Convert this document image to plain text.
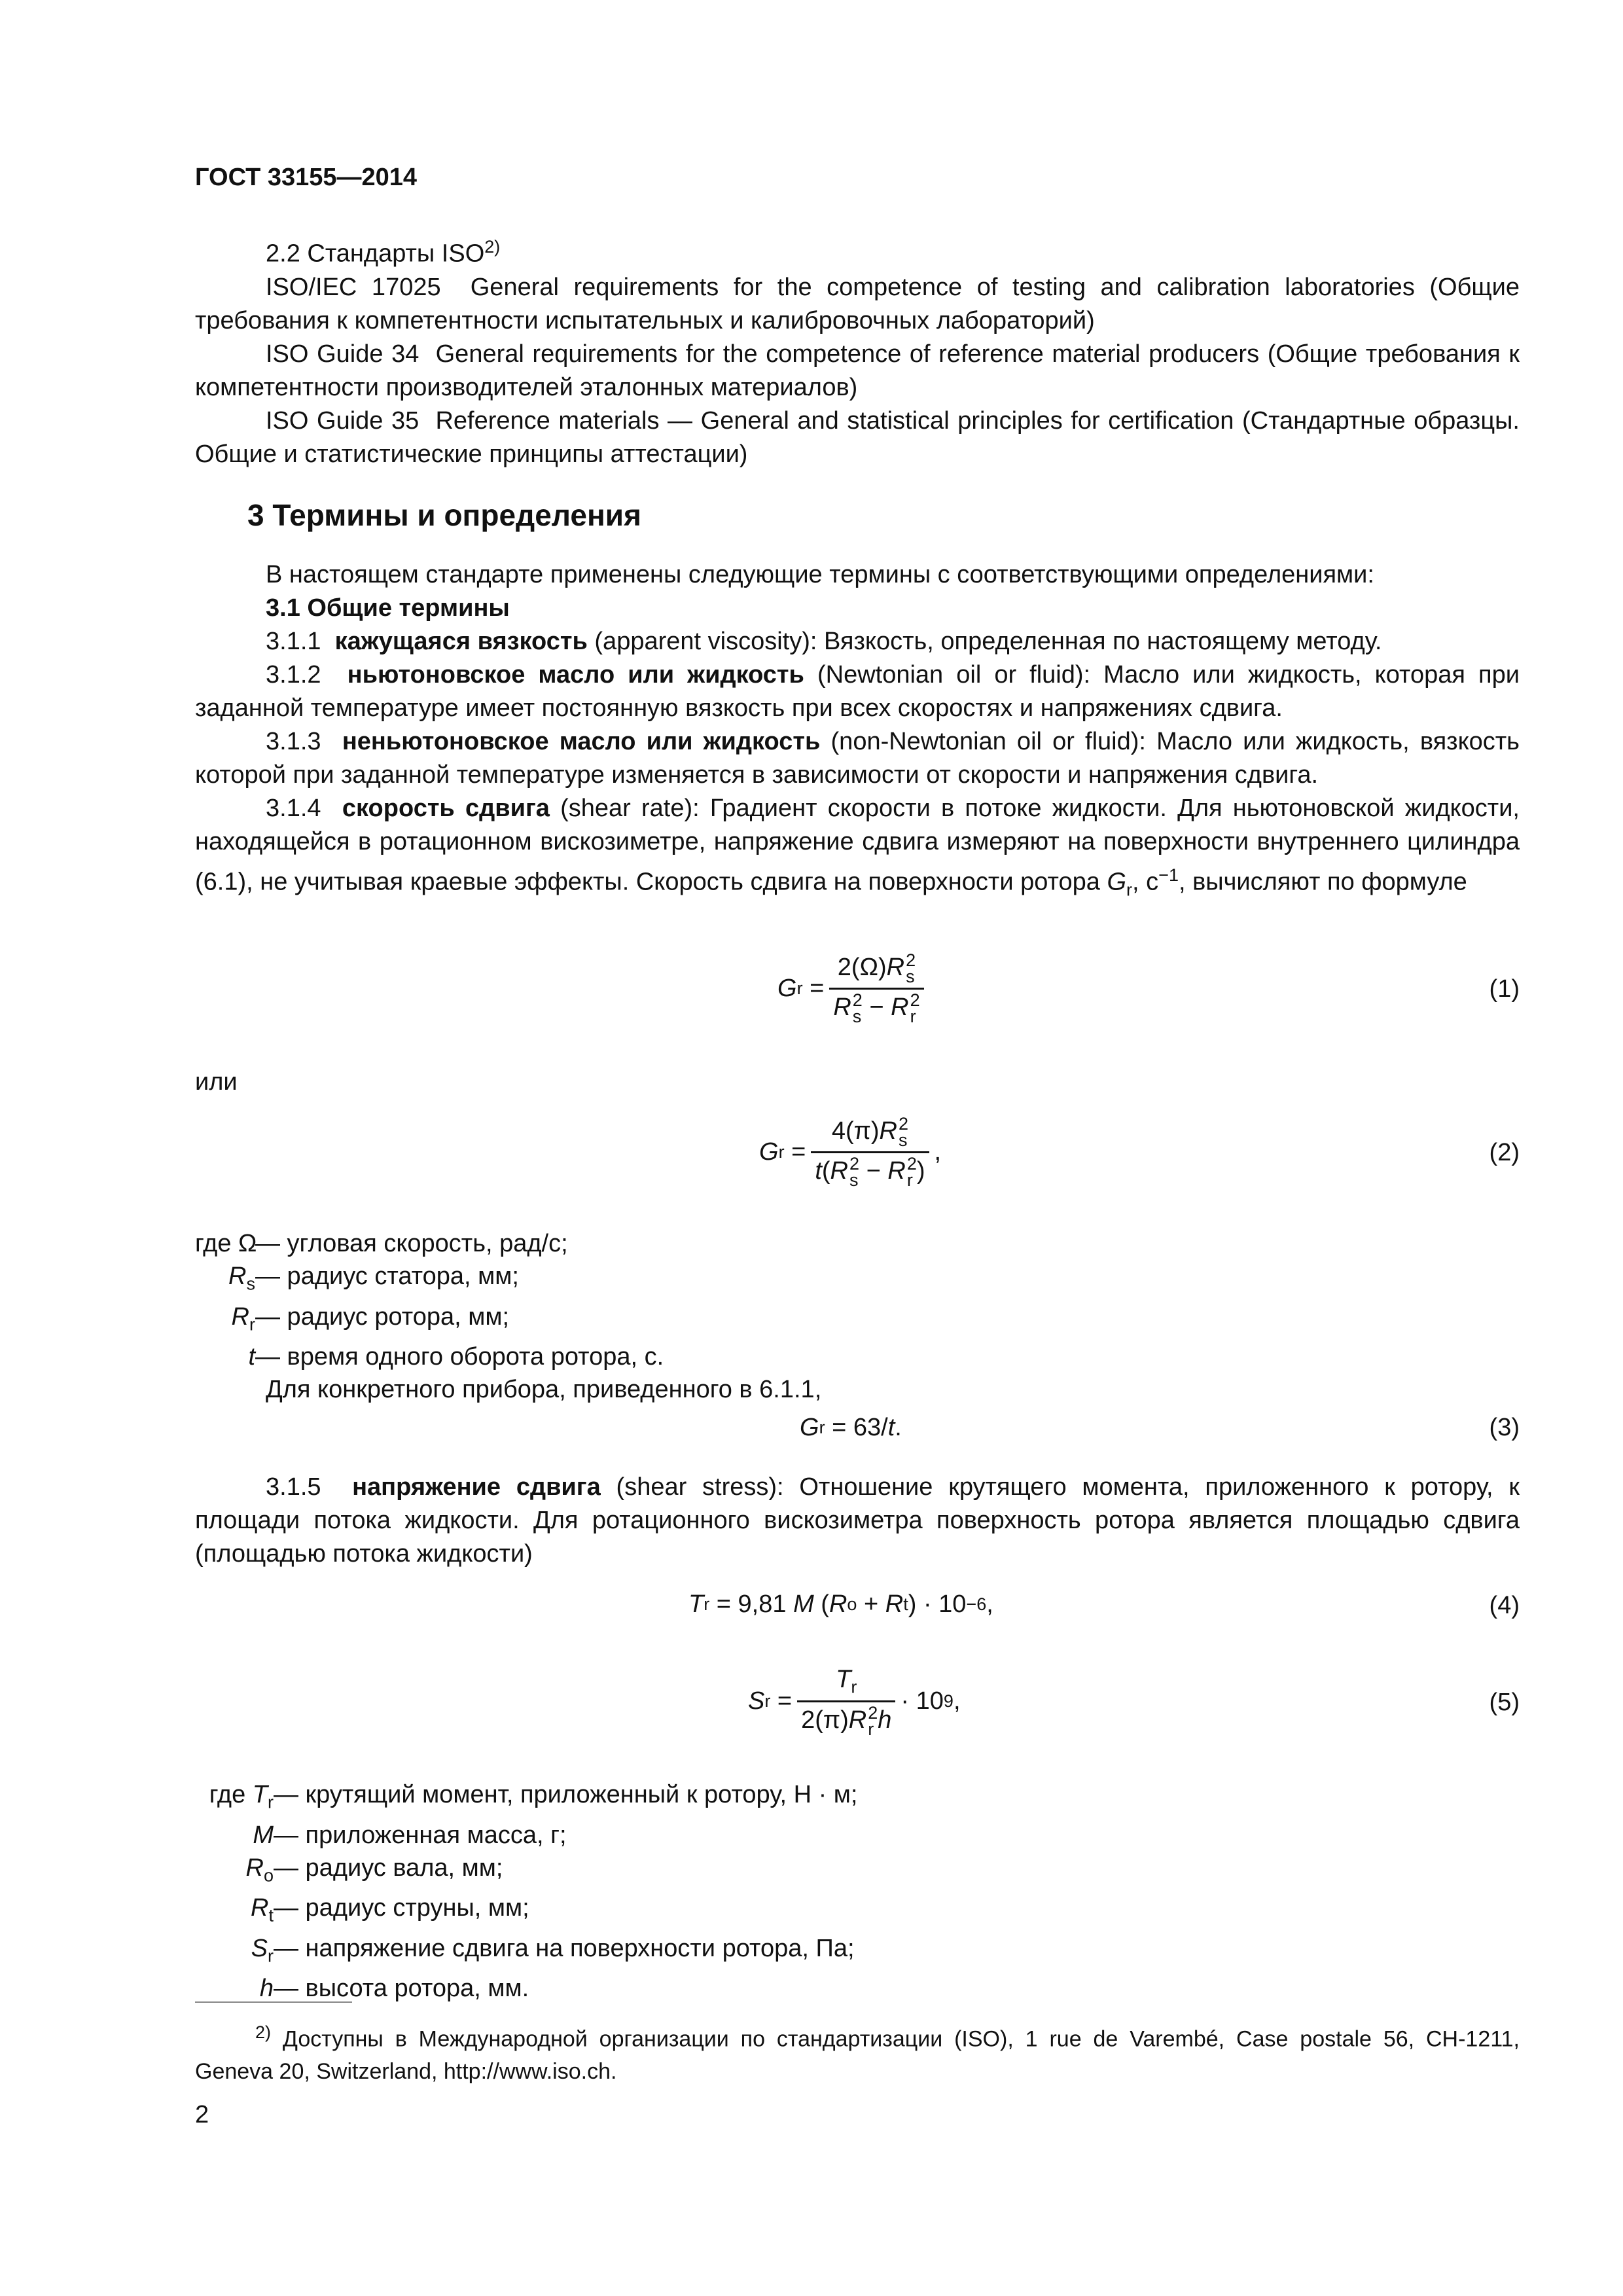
ГОСТ 33155—2014
2.2 Стандарты ISO$^{2)}$

ISO/IEC 17025 General requirements for the competence of testing and calibration laboratories (Общие требования к компетентности испытательных и калибровочных лабораторий)

ISO Guide 34 General requirements for the competence of reference material producers (Общие требования к компетентности производителей эталонных материалов)

ISO Guide 35 Reference materials — General and statistical principles for certification (Стандартные образцы. Общие и статистические принципы аттестации)

3 Термины и определения

В настоящем стандарте применены следующие термины с соответствующими определениями:

3.1 Общие термины

3.1.1 кажущаяся вязкость (apparent viscosity): Вязкость, определенная по настоящему методу.

3.1.2 ньютоновское масло или жидкость (Newtonian oil or fluid): Масло или жидкость, которая при заданной температуре имеет постоянную вязкость при всех скоростях и напряжениях сдвига.

3.1.3 неньютоновское масло или жидкость (non-Newtonian oil or fluid): Масло или жидкость, вязкость которой при заданной температуре изменяется в зависимости от скорости и напряжения сдвига.

3.1.4 скорость сдвига (shear rate): Градиент скорости в потоке жидкости. Для ньютоновской жидкости, находящейся в ротационном вискозиметре, напряжение сдвига измеряют на поверхности внутреннего цилиндра (6.1), не учитывая краевые эффекты. Скорость сдвига на поверхности ротора $G_r$, $с^{-1}$, вычисляют по формуле

G r
= 2(Ω)R 2
s
R 2
s − R 2
r	(1)
или
G r
= 4(π)R 2
s
t(R 2
s − R 2
r ) ,	(2)
где Ω
— угловая скорость, рад/с;
$R_s$ — радиус статора, мм;
$R_r$ — радиус ротора, мм;
t — время одного оборота ротора, с.
Для конкретного прибора, приведенного в 6.1.1,
G r
= 63/ t .	(3)

3.1.5 напряжение сдвига (shear stress): Отношение крутящего момента, приложенного к ротору, к площади потока жидкости. Для ротационного вискозиметра поверхность ротора является площадью сдвига (площадью потока жидкости)

T r
= 9,81
M
( R o
+
R t )
· 10 −6 ,	(4)
S r
= $T_r$
2(π)R 2
r h · 10 9 ,	(5)
где $T_r$ — крутящий момент, приложенный к ротору, Н · м;
M — приложенная масса, г;
$R_o$ — радиус вала, мм;
$R_t$ — радиус струны, мм;
$S_r$ — напряжение сдвига на поверхности ротора, Па;
h — высота ротора, мм.
$^{2)}$ Доступны в Международной организации по стандартизации (ISO), 1 rue de Varembé, Case postale 56, CH-1211, Geneva 20, Switzerland, http://www.iso.ch.
2
